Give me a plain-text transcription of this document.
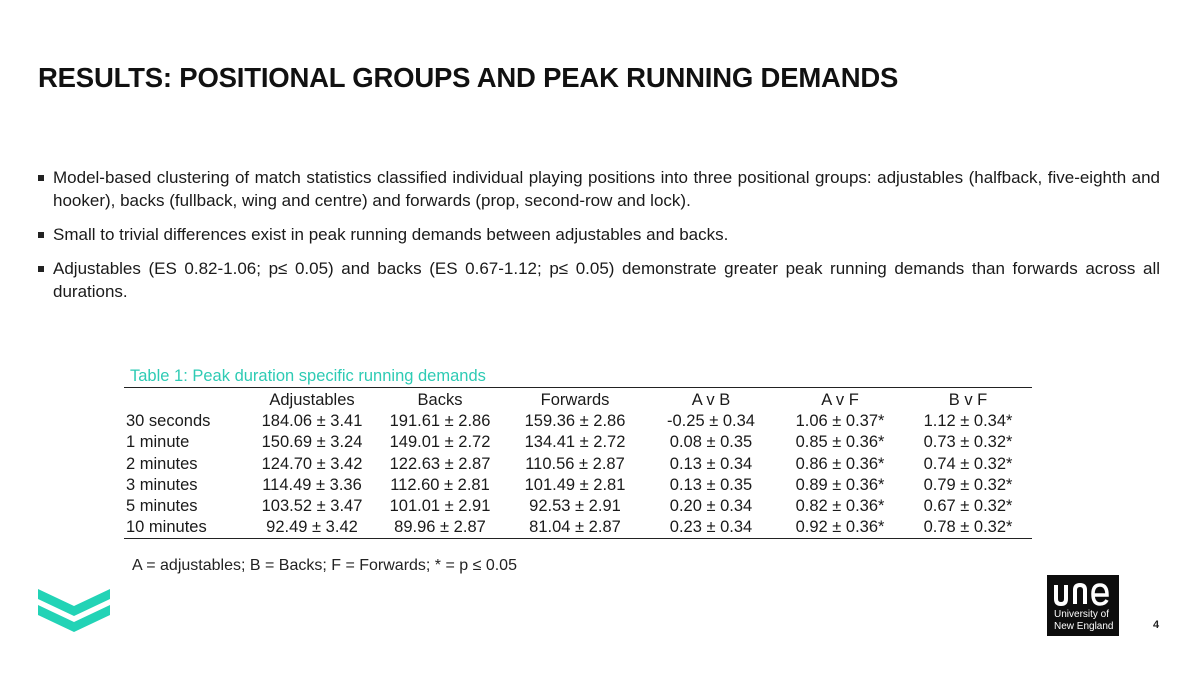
RESULTS: POSITIONAL GROUPS AND PEAK RUNNING DEMANDS
Model-based clustering of match statistics classified individual playing positions into three positional groups: adjustables (halfback, five-eighth and hooker), backs (fullback, wing and centre) and forwards (prop, second-row and lock).
Small to trivial differences exist in peak running demands between adjustables and backs.
Adjustables (ES 0.82-1.06; p≤ 0.05) and backs (ES 0.67-1.12; p≤ 0.05) demonstrate greater peak running demands than forwards across all durations.
Table 1: Peak duration specific running demands
	Adjustables	Backs	Forwards	A v B	A v F	B v F
30 seconds	184.06 ± 3.41	191.61 ± 2.86	159.36 ± 2.86	-0.25 ± 0.34	1.06 ± 0.37*	1.12 ± 0.34*
1 minute	150.69 ± 3.24	149.01 ± 2.72	134.41 ± 2.72	0.08 ± 0.35	0.85 ± 0.36*	0.73 ± 0.32*
2 minutes	124.70 ± 3.42	122.63 ± 2.87	110.56 ± 2.87	0.13 ± 0.34	0.86 ± 0.36*	0.74 ± 0.32*
3 minutes	114.49 ± 3.36	112.60 ± 2.81	101.49 ± 2.81	0.13 ± 0.35	0.89 ± 0.36*	0.79 ± 0.32*
5 minutes	103.52 ± 3.47	101.01 ± 2.91	92.53 ± 2.91	0.20 ± 0.34	0.82 ± 0.36*	0.67 ± 0.32*
10 minutes	92.49 ± 3.42	89.96 ± 2.87	81.04 ± 2.87	0.23 ± 0.34	0.92 ± 0.36*	0.78 ± 0.32*
A = adjustables; B = Backs; F = Forwards; * = p ≤ 0.05
University of
New England	4
